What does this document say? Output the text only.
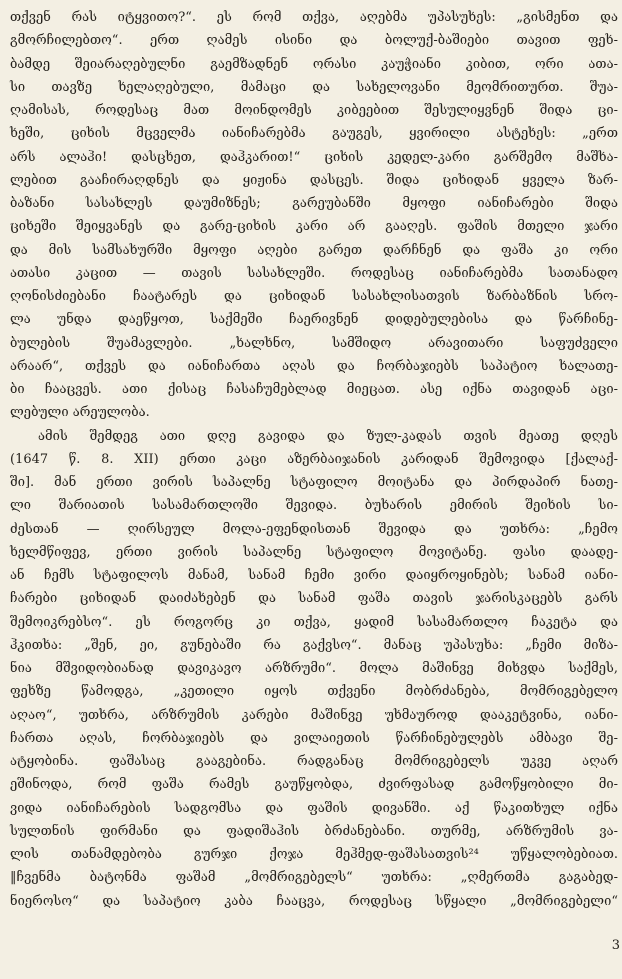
თქვენ რას იტყვითო?“. ეს რომ თქვა, აღებმა უპასუხეს: „გისმენთ და
გმორჩილებთო“. ერთ ღამეს ისინი და ბოლუქ-ბაშიები თავით ფეხ-
ბამდე შეიარაღებულნი გაემზადნენ ორასი კაუჭიანი კიბით, ორი ათა-
სი თავზე ხელაღებული, მამაცი და სახელოვანი მეომრითურთ. შუა-
ღამისას, როდესაც მათ მოინდომეს კიბეებით შესულიყვნენ შიდა ცი-
ხეში, ციხის მცველმა იანიჩარებმა გაუგეს, ყვირილი ასტეხეს: „ერთ
არს ალაჰი! დასცხეთ, დაჰკარით!“ ციხის კედელ-კარი გარშემო მაშხა-
ლებით გააჩირაღდნეს და ყიჟინა დასცეს. შიდა ციხიდან ყველა ზარ-
ბაზანი სასახლეს დაუმიზნეს; გარეუბანში მყოფი იანიჩარები შიდა
ციხეში შეიყვანეს და გარე-ციხის კარი არ გააღეს. ფაშის მთელი ჯარი
და მის სამსახურში მყოფი აღები გარეთ დარჩნენ და ფაშა კი ორი
ათასი კაცით — თავის სასახლეში. როდესაც იანიჩარებმა სათანადო
ღონისძიებანი ჩაატარეს და ციხიდან სასახლისათვის ზარბაზნის სრო-
ლა უნდა დაეწყოთ, საქმეში ჩაერივნენ დიდებულებისა და წარჩინე-
ბულების შუამავლები. „ხალხნო, სამშიდო არავითარი საფუძველი
არაარ“, თქვეს და იანიჩართა აღას და ჩორბაჯიებს საპატიო ხალათე-
ბი ჩააცვეს. ათი ქისაც ჩასაჩუმებლად მიეცათ. ასე იქნა თავიდან აცი-
ლებული არეულობა.
ამის შემდეგ ათი დღე გავიდა და ზულ-კადას თვის მეათე დღეს
(1647 წ. 8. XII) ერთი კაცი აზერბაიჯანის კარიდან შემოვიდა [ქალაქ-
ში]. მან ერთი ვირის საპალნე სტაფილო მოიტანა და პირდაპირ ნათე-
ლი შარიათის სასამართლოში შევიდა. ბუხარის ემირის შეიხის სი-
ძესთან — ღირსეულ მოლა-ეფენდისთან შევიდა და უთხრა: „ჩემო
ხელმწიფევ, ერთი ვირის საპალნე სტაფილო მოვიტანე. ფასი დაადე-
ან ჩემს სტაფილოს მანამ, სანამ ჩემი ვირი დაიყროყინებს; სანამ იანი-
ჩარები ციხიდან დაიძახებენ და სანამ ფაშა თავის ჯარისკაცებს გარს
შემოიკრებსო“. ეს როგორც კი თქვა, ყადიმ სასამართლო ჩაკეტა და
ჰკითხა: „შენ, ეი, გუნებაში რა გაქვსო“. მანაც უპასუხა: „ჩემი მიზა-
ნია მშვიდობიანად დავიკავო არზრუმი“. მოლა მაშინვე მიხვდა საქმეს,
ფეხზე წამოდგა, „კეთილი იყოს თქვენი მობრძანება, მომრიგებელო
აღაო“, უთხრა, არზრუმის კარები მაშინვე უხმაუროდ დააკეტვინა, იანი-
ჩართა აღას, ჩორბაჯიებს და ვილაიეთის წარჩინებულებს ამბავი შე-
ატყობინა. ფაშასაც გააგებინა. რადგანაც მომრიგებელს უკვე აღარ
ეშინოდა, რომ ფაშა რამეს გაუწყობდა, ძვირფასად გამოწყობილი მი-
ვიდა იანიჩარების სადგომსა და ფაშის დივანში. აქ წაკითხულ იქნა
სულთნის ფირმანი და ფადიშაჰის ბრძანებანი. თურმე, არზრუმის ვა-
ლის თანამდებობა გურჯი ქოჯა მეჰმედ-ფაშასათვის²⁴ უწყალობებიათ.
‖ჩვენმა ბატონმა ფაშამ „მომრიგებელს“ უთხრა: „ღმერთმა გაგაბედ-
ნიეროსო“ და საპატიო კაბა ჩააცვა, როდესაც სწყალი „მომრიგებელი“
3
